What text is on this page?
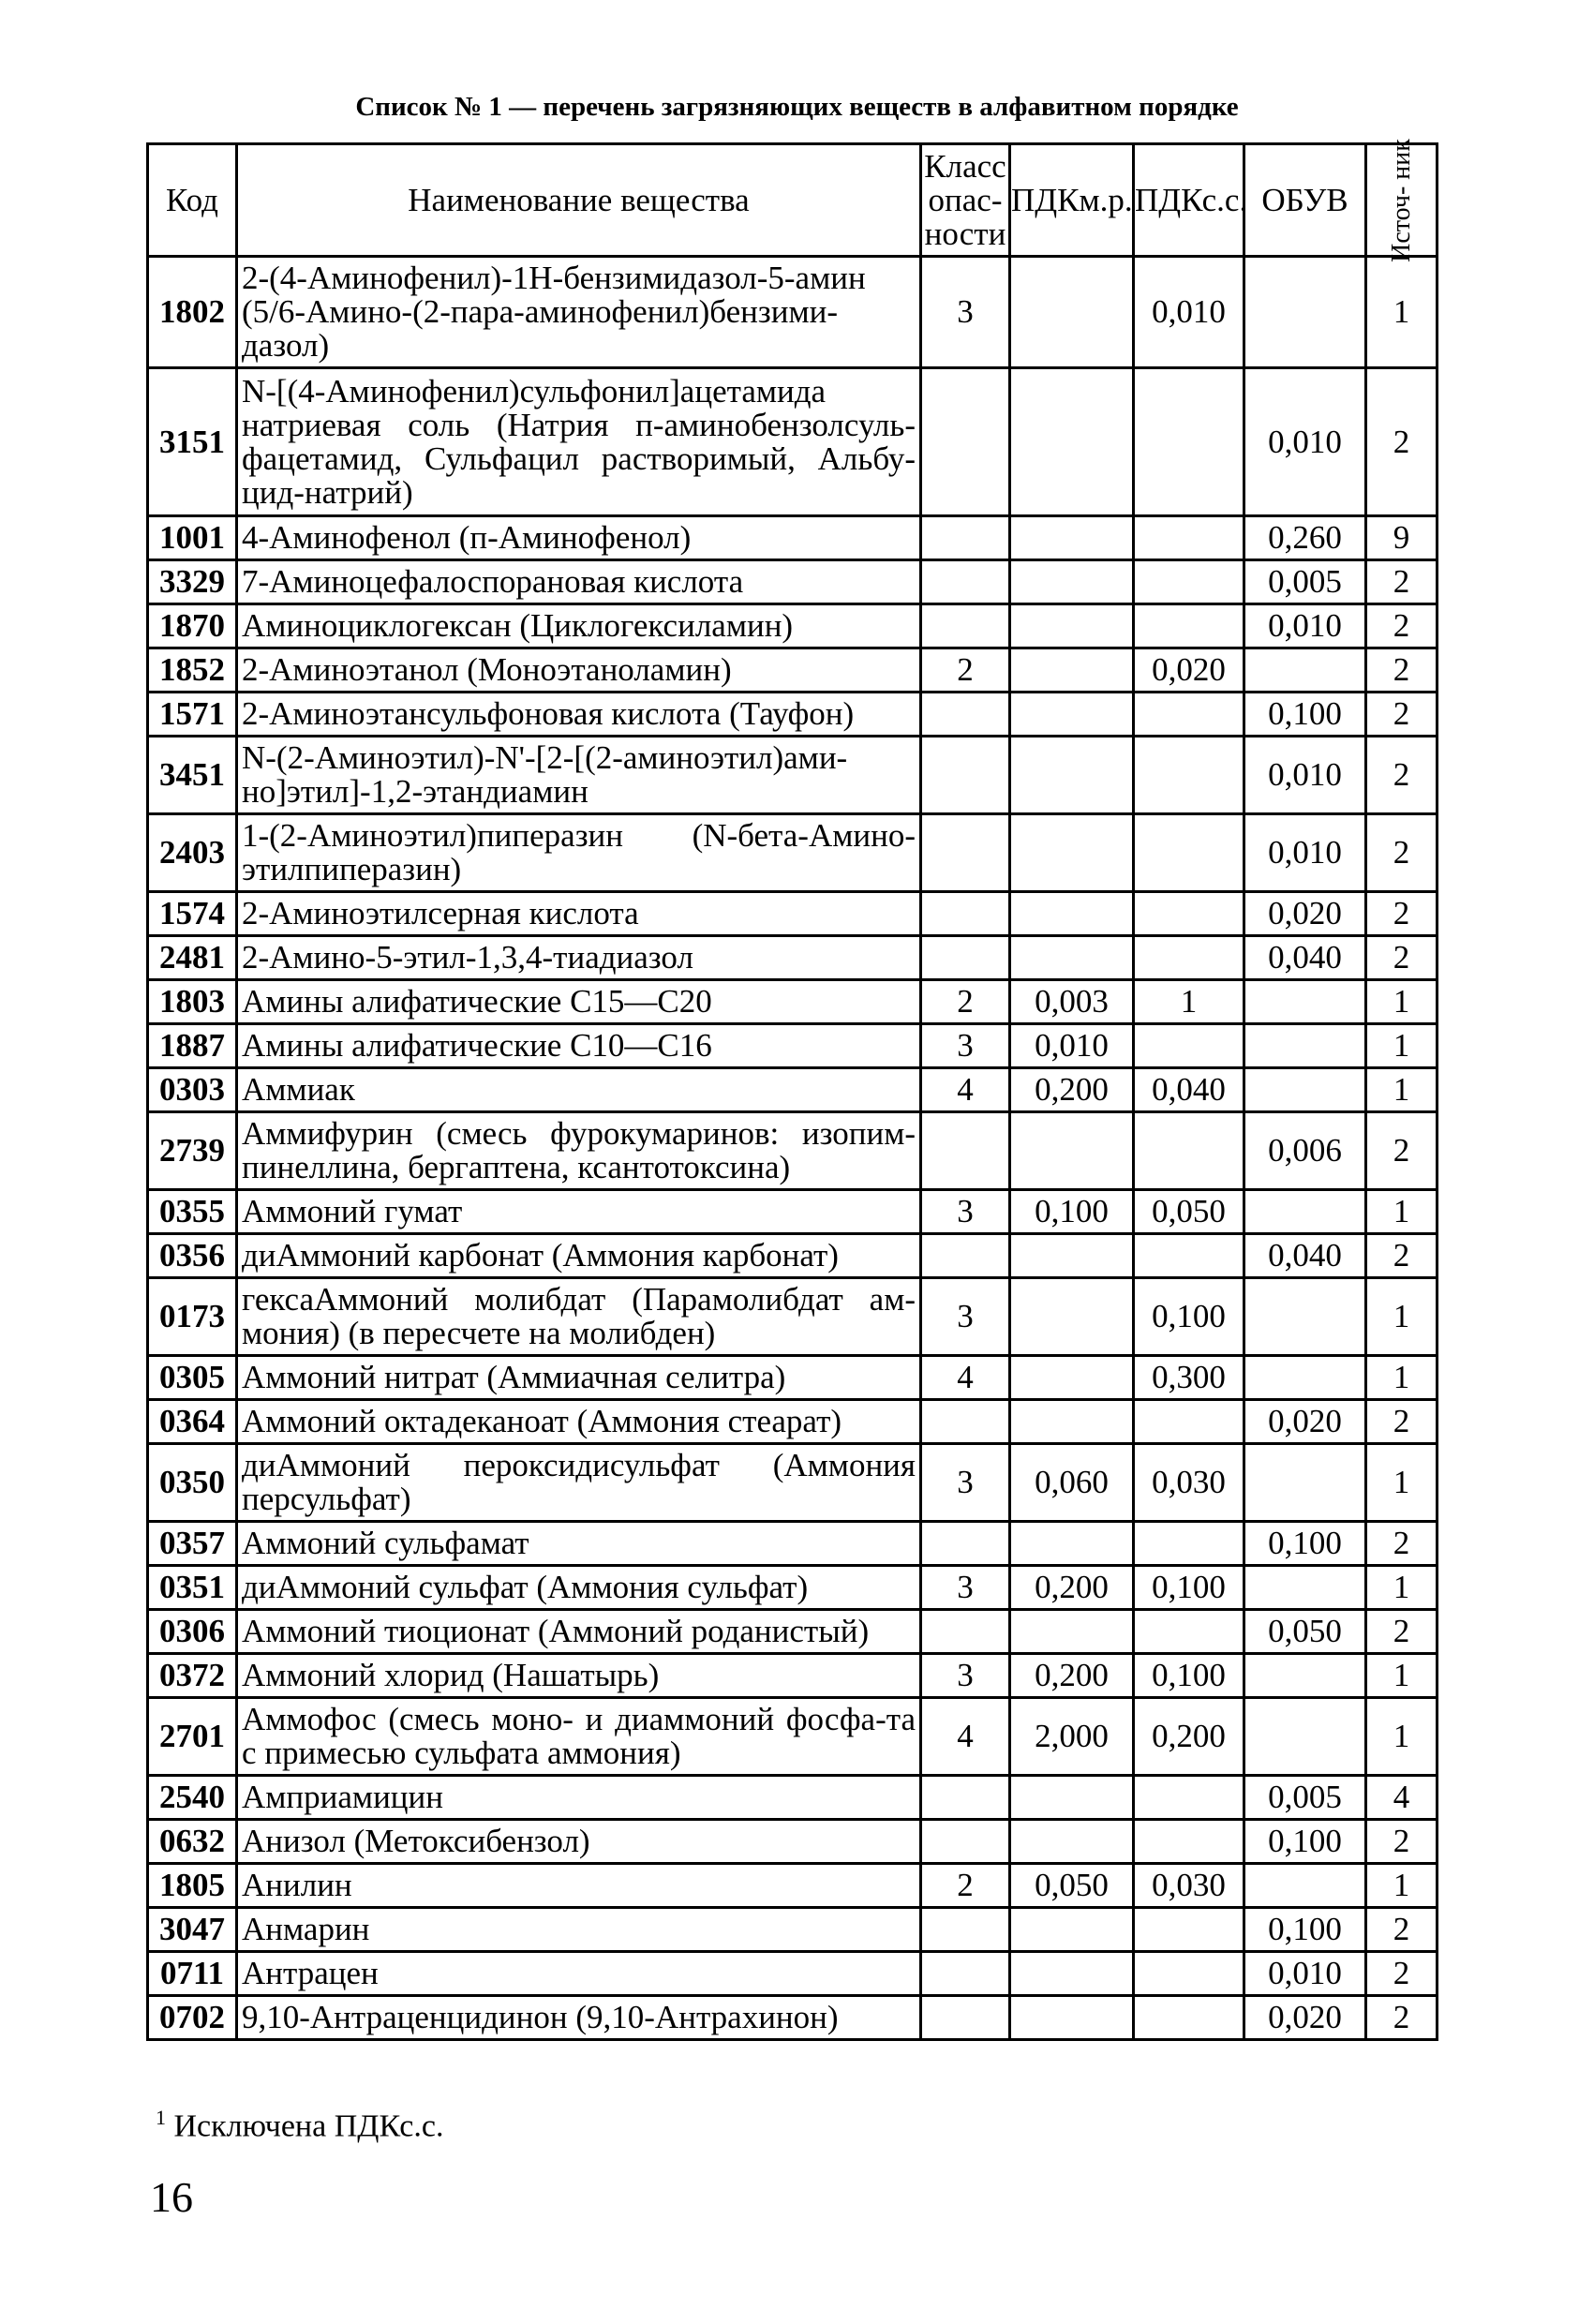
Список № 1 — перечень загрязняющих веществ в алфавитном порядке
Код	Наименование вещества	Класс опас- ности	ПДКм.р.	ПДКс.с.	ОБУВ	Источ- ник

1802	2-(4-Аминофенил)-1Н-бензимидазол-5-амин (5/6-Амино-(2-пара-аминофенил)бензими-дазол)	3		0,010		1
3151	N-[(4-Аминофенил)сульфонил]ацетамида натриевая соль (Натрия п-аминобензолсуль-фацетамид, Сульфацил растворимый, Альбу-цид-натрий)				0,010	2
1001	4-Аминофенол (п-Аминофенол)				0,260	9
3329	7-Аминоцефалоспорановая кислота				0,005	2
1870	Аминоциклогексан (Циклогексиламин)				0,010	2
1852	2-Аминоэтанол (Моноэтаноламин)	2		0,020		2
1571	2-Аминоэтансульфоновая кислота (Тауфон)				0,100	2
3451	N-(2-Аминоэтил)-N'-[2-[(2-аминоэтил)ами-но]этил]-1,2-этандиамин				0,010	2
2403	1-(2-Аминоэтил)пиперазин (N-бета-Амино-этилпиперазин)				0,010	2
1574	2-Аминоэтилсерная кислота				0,020	2
2481	2-Амино-5-этил-1,3,4-тиадиазол				0,040	2
1803	Амины алифатические C15—C20	2	0,003	1		1
1887	Амины алифатические C10—C16	3	0,010			1
0303	Аммиак	4	0,200	0,040		1
2739	Аммифурин (смесь фурокумаринов: изопим-пинеллина, бергаптена, ксантотоксина)				0,006	2
0355	Аммоний гумат	3	0,100	0,050		1
0356	диАммоний карбонат (Аммония карбонат)				0,040	2
0173	гексаАммоний молибдат (Парамолибдат ам-мония) (в пересчете на молибден)	3		0,100		1
0305	Аммоний нитрат (Аммиачная селитра)	4		0,300		1
0364	Аммоний октадеканоат (Аммония стеарат)				0,020	2
0350	диАммоний пероксидисульфат (Аммония персульфат)	3	0,060	0,030		1
0357	Аммоний сульфамат				0,100	2
0351	диАммоний сульфат (Аммония сульфат)	3	0,200	0,100		1
0306	Аммоний тиоционат (Аммоний роданистый)				0,050	2
0372	Аммоний хлорид (Нашатырь)	3	0,200	0,100		1
2701	Аммофос (смесь моно- и диаммоний фосфа-та с примесью сульфата аммония)	4	2,000	0,200		1
2540	Амприамицин				0,005	4
0632	Анизол (Метоксибензол)				0,100	2
1805	Анилин	2	0,050	0,030		1
3047	Анмарин				0,100	2
0711	Антрацен				0,010	2
0702	9,10-Антраценцидинон (9,10-Антрахинон)				0,020	2
$^1$ Исключена ПДКс.с.
16
